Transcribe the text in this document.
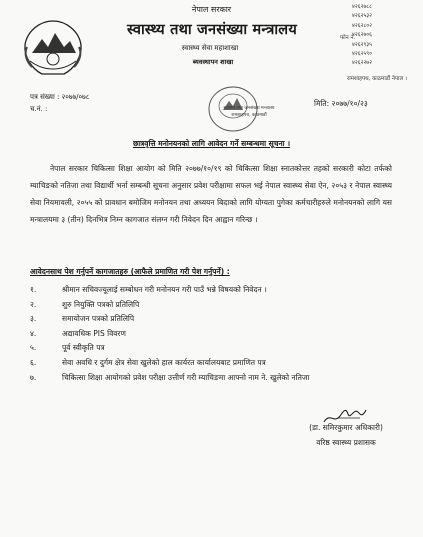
नेपाल सरकार
स्वास्थ्य तथा जनसंख्या मन्त्रालय
स्वास्थ्य सेवा महाशाखा
ब्यवस्थापन शाखा
४२६२७८८
४२६२५३२
४२६२८०२
४२६२७०६
४२६२९३५
४२६२५९०
४२६२२७२
फोन नं.
रामशाहपथ, काठमाडौं नेपाल ।
स्वास्थ्य तथा जनसंख्या मन्त्रालय रामशाहपथ, काठमाडौं
पत्र संख्या : २०७७/०७८
च.नं. :
मिति: २०७७/१०/२३
छात्रवृत्ति मनोनयनको लागि आवेदन गर्ने सम्बन्धमा सूचना ।
नेपाल सरकार चिकित्सा शिक्षा आयोग को मिति २०७७/१०/१९ को चिकित्सा शिक्षा स्नातकोत्तर तहको सरकारी कोटा तर्फको म्याचिङको नतिजा तथा विद्यार्थी भर्ना सम्बन्धी सूचना अनुसार प्रवेश परीक्षामा सफल भई नेपाल स्वास्थ्य सेवा ऐन, २०५३ र नेपाल स्वास्थ्य सेवा नियमावली, २०५५ को प्रावधान बमोजिम मनोनयन तथा अध्ययन बिदाको लागि योग्यता पुगेका कर्मचारीहरुले मनोनयनको लागि यस मन्त्रालयमा ३ (तीन) दिनभित्र निम्न कागजात संलग्न गरी निवेदन दिन आह्वान गरिन्छ ।
आवेदनसाथ पेश गर्नुपर्ने कागजातहरु (आफैले प्रमाणित गरी पेश गर्नुपर्ने) :
१.	श्रीमान सचिवज्यूलाई सम्बोधन गरी मनोनयन गरी पाउँ भन्ने विषयको निवेदन ।
२.	शुरु नियुक्ति पत्रको प्रतिलिपि
३.	समायोजन पत्रको प्रतिलिपि
४.	अद्यावधिक PIS विवरण
५.	पूर्व स्वीकृति पत्र
६.	सेवा अवधि र दुर्गम क्षेत्र सेवा खुलेको हाल कार्यरत कार्यालयबाट प्रमाणित पत्र
७.	चिकित्सा शिक्षा आयोगको प्रवेश परीक्षा उत्तीर्ण गरी म्याचिङमा आफ्नो नाम ने. खुलेको नतिजा
(डा. समिरकुमार अधिकारी)
वरिष्ठ स्वास्थ्य प्रशासक
